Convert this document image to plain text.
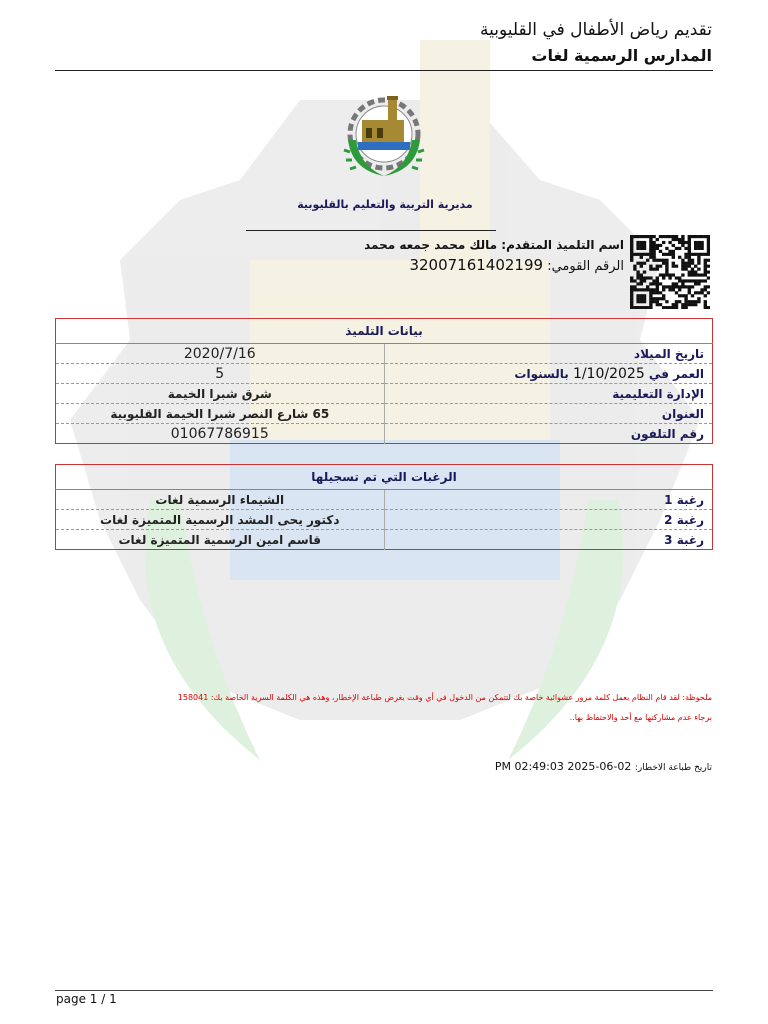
تقديم رياض الأطفال في القليوبية
المدارس الرسمية لغات
مديرية التربية والتعليم بالقليوبية
اسم التلميذ المتقدم: مالك محمد جمعه محمد
الرقم القومي: 32007161402199
بيانات التلميذ	
تاريخ الميلاد	2020/7/16
العمر في 1/10/2025 بالسنوات	5
الإدارة التعليمية	شرق شبرا الخيمة
العنوان	65 شارع النصر شبرا الخيمة القليوبية
رقم التلفون	01067786915
الرغبات التي تم تسجيلها	
رغبة 1	الشيماء الرسمية لغات
رغبة 2	دكتور يحى المشد الرسمية المتميزة لغات
رغبة 3	قاسم امين الرسمية المتميزة لغات
ملحوظة: لقد قام النظام بعمل كلمة مرور عشوائية خاصة بك لتتمكن من الدخول في أي وقت بغرض طباعة الإخطار، وهذه هي الكلمة السرية الخاصة بك: 158041
برجاء عدم مشاركتها مع أحد والاحتفاظ بها..
تاريخ طباعة الاخطار: 02-06-2025 02:49:03 PM
page 1 / 1
